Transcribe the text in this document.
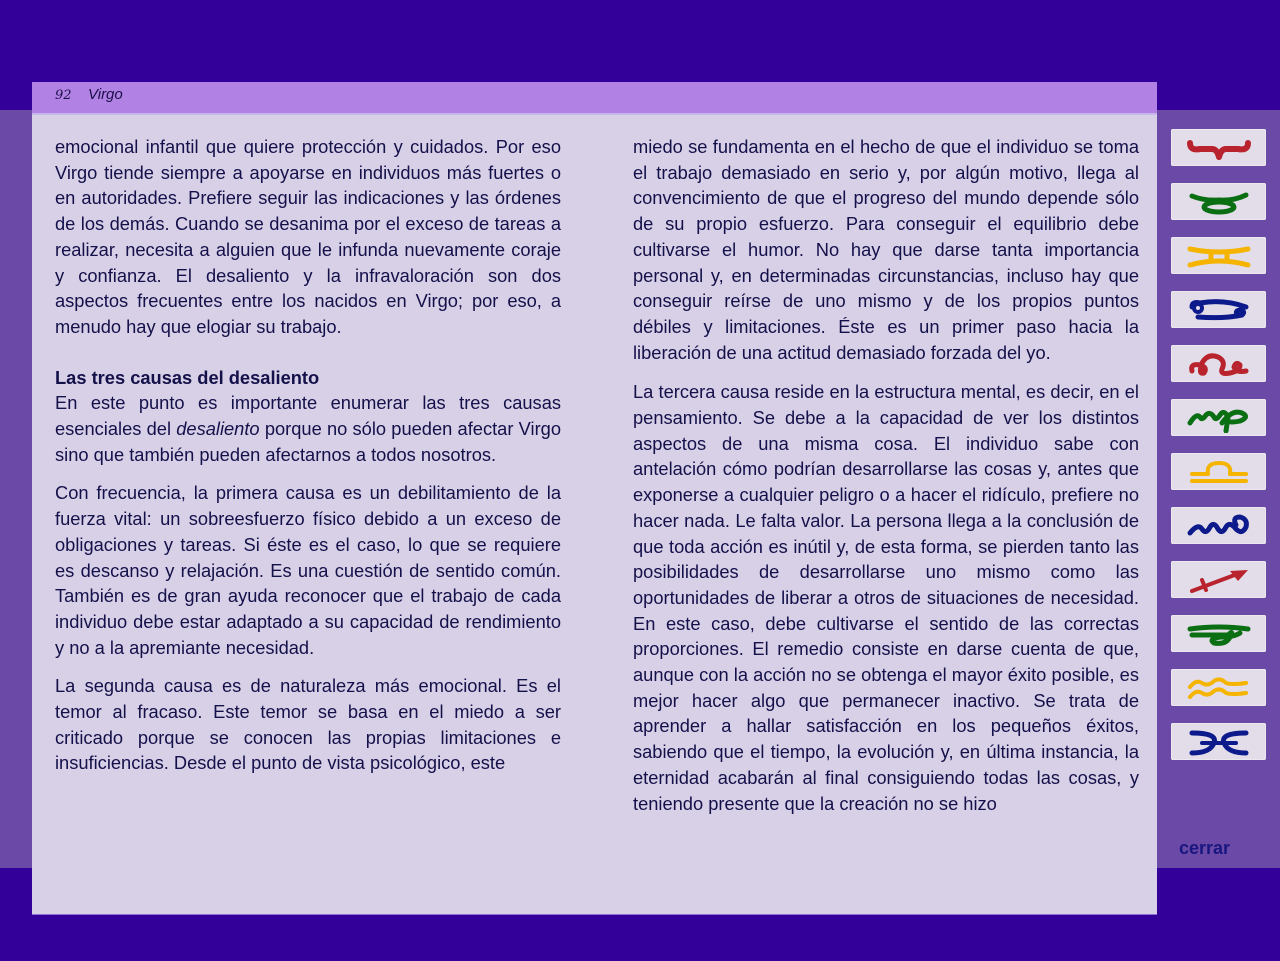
92 Virgo

emocional infantil que quiere protección y cuidados. Por eso Virgo tiende siempre a apoyarse en individuos más fuertes o en autoridades. Prefiere seguir las indicaciones y las órdenes de los demás. Cuando se desanima por el exceso de tareas a realizar, necesita a alguien que le infunda nuevamente coraje y confianza. El desaliento y la infravaloración son dos aspectos frecuentes entre los nacidos en Virgo; por eso, a menudo hay que elogiar su trabajo.

Las tres causas del desaliento

En este punto es importante enumerar las tres causas esenciales del desaliento porque no sólo pueden afectar Virgo sino que también pueden afectarnos a todos nosotros.

Con frecuencia, la primera causa es un debilitamiento de la fuerza vital: un sobreesfuerzo físico debido a un exceso de obligaciones y tareas. Si éste es el caso, lo que se requiere es descanso y relajación. Es una cuestión de sentido común. También es de gran ayuda reconocer que el trabajo de cada individuo debe estar adaptado a su capacidad de rendimiento y no a la apremiante necesidad.

La segunda causa es de naturaleza más emocional. Es el temor al fracaso. Este temor se basa en el miedo a ser criticado porque se conocen las propias limitaciones e insuficiencias. Desde el punto de vista psicológico, este

miedo se fundamenta en el hecho de que el individuo se toma el trabajo demasiado en serio y, por algún motivo, llega al convencimiento de que el progreso del mundo depende sólo de su propio esfuerzo. Para conseguir el equilibrio debe cultivarse el humor. No hay que darse tanta importancia personal y, en determinadas circunstancias, incluso hay que conseguir reírse de uno mismo y de los propios puntos débiles y limitaciones. Éste es un primer paso hacia la liberación de una actitud demasiado forzada del yo.

La tercera causa reside en la estructura mental, es decir, en el pensamiento. Se debe a la capacidad de ver los distintos aspectos de una misma cosa. El individuo sabe con antelación cómo podrían desarrollarse las cosas y, antes que exponerse a cualquier peligro o a hacer el ridículo, prefiere no hacer nada. Le falta valor. La persona llega a la conclusión de que toda acción es inútil y, de esta forma, se pierden tanto las posibilidades de desarrollarse uno mismo como las oportunidades de liberar a otros de situaciones de necesidad. En este caso, debe cultivarse el sentido de las correctas proporciones. El remedio consiste en darse cuenta de que, aunque con la acción no se obtenga el mayor éxito posible, es mejor hacer algo que permanecer inactivo. Se trata de aprender a hallar satisfacción en los pequeños éxitos, sabiendo que el tiempo, la evolución y, en última instancia, la eternidad acabarán al final consiguiendo todas las cosas, y teniendo presente que la creación no se hizo

cerrar
